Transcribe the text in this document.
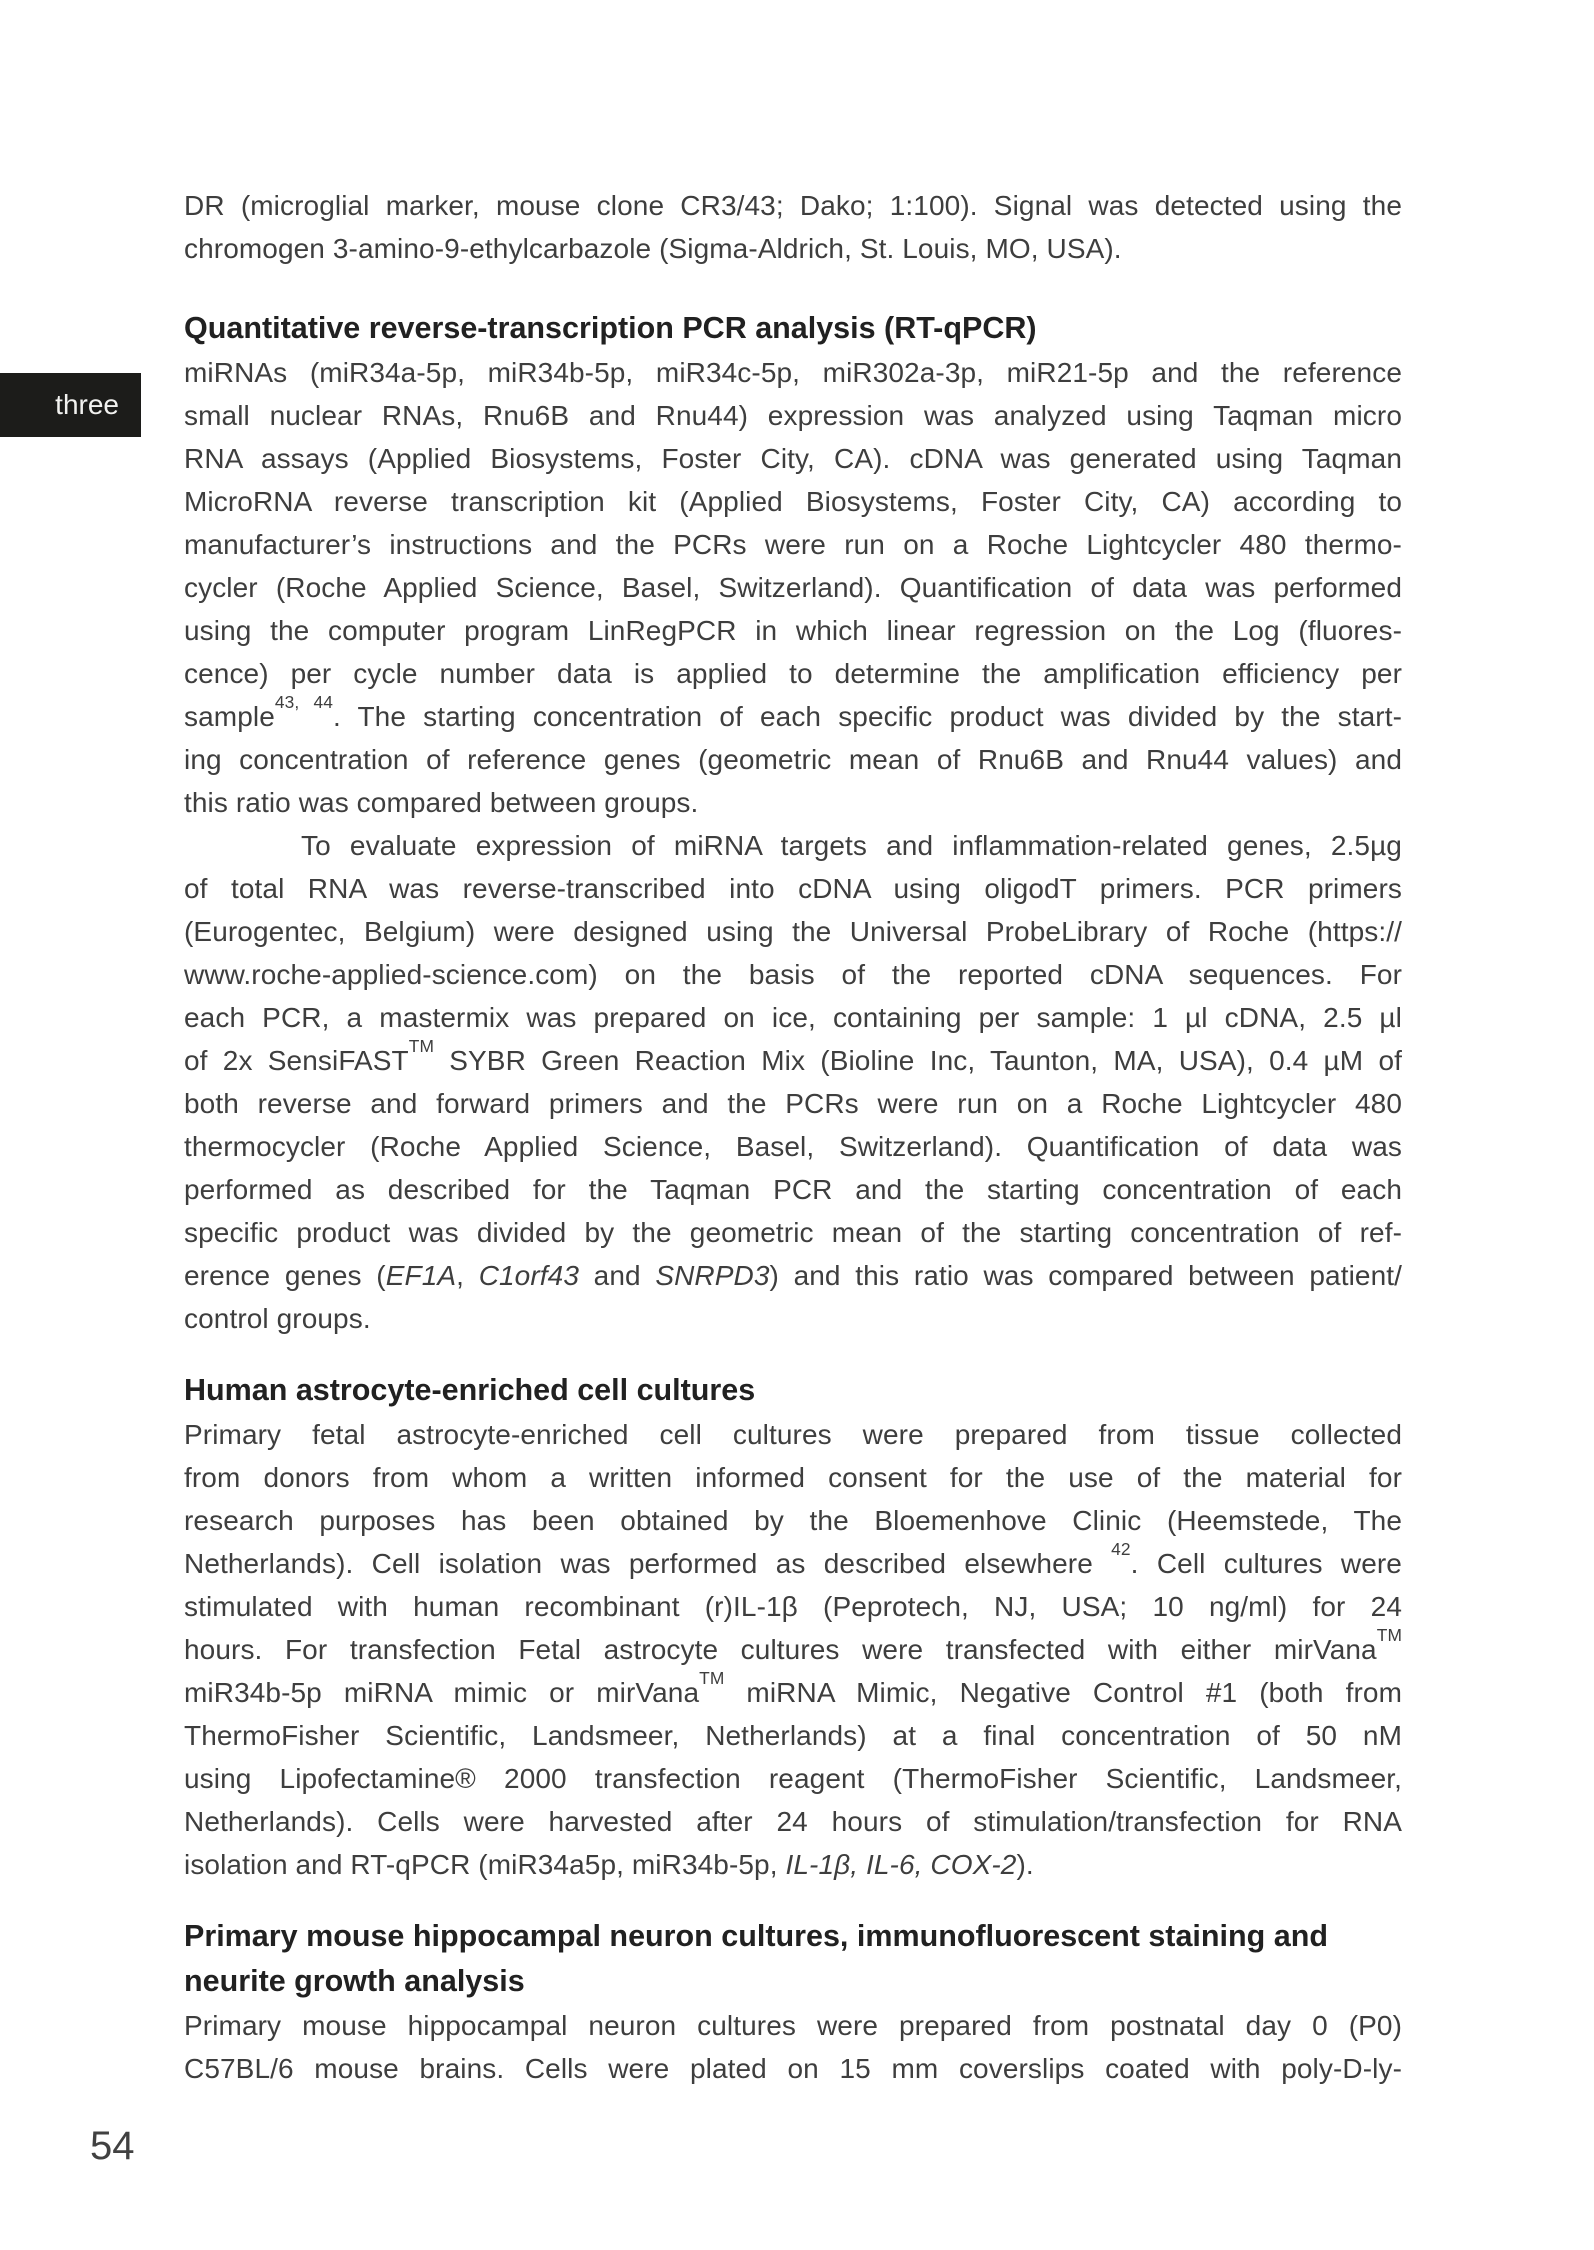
three
DR (microglial marker, mouse clone CR3/43; Dako; 1:100). Signal was detected using the
chromogen 3-amino-9-ethylcarbazole (Sigma-Aldrich, St. Louis, MO, USA).
Quantitative reverse-transcription PCR analysis (RT-qPCR)
miRNAs (miR34a-5p, miR34b-5p, miR34c-5p, miR302a-3p, miR21-5p and the reference
small nuclear RNAs, Rnu6B and Rnu44) expression was analyzed using Taqman micro
RNA assays (Applied Biosystems, Foster City, CA). cDNA was generated using Taqman
MicroRNA reverse transcription kit (Applied Biosystems, Foster City, CA) according to
manufacturer’s instructions and the PCRs were run on a Roche Lightcycler 480 thermo-
cycler (Roche Applied Science, Basel, Switzerland). Quantification of data was performed
using the computer program LinRegPCR in which linear regression on the Log (fluores-
cence) per cycle number data is applied to determine the amplification efficiency per
sample$^{43, 44}$. The starting concentration of each specific product was divided by the start-
ing concentration of reference genes (geometric mean of Rnu6B and Rnu44 values) and
this ratio was compared between groups.
To evaluate expression of miRNA targets and inflammation-related genes, 2.5µg
of total RNA was reverse-transcribed into cDNA using oligodT primers. PCR primers
(Eurogentec, Belgium) were designed using the Universal ProbeLibrary of Roche (https://
www.roche-applied-science.com) on the basis of the reported cDNA sequences. For
each PCR, a mastermix was prepared on ice, containing per sample: 1 µl cDNA, 2.5 µl
of 2x SensiFAST™ SYBR Green Reaction Mix (Bioline Inc, Taunton, MA, USA), 0.4 µM of
both reverse and forward primers and the PCRs were run on a Roche Lightcycler 480
thermocycler (Roche Applied Science, Basel, Switzerland). Quantification of data was
performed as described for the Taqman PCR and the starting concentration of each
specific product was divided by the geometric mean of the starting concentration of ref-
erence genes (EF1A, C1orf43 and SNRPD3) and this ratio was compared between patient/
control groups.
Human astrocyte-enriched cell cultures
Primary fetal astrocyte-enriched cell cultures were prepared from tissue collected
from donors from whom a written informed consent for the use of the material for
research purposes has been obtained by the Bloemenhove Clinic (Heemstede, The
Netherlands). Cell isolation was performed as described elsewhere $^{42}$. Cell cultures were
stimulated with human recombinant (r)IL-1β (Peprotech, NJ, USA; 10 ng/ml) for 24
hours. For transfection Fetal astrocyte cultures were transfected with either mirVana™
miR34b-5p miRNA mimic or mirVana™ miRNA Mimic, Negative Control #1 (both from
ThermoFisher Scientific, Landsmeer, Netherlands) at a final concentration of 50 nM
using Lipofectamine® 2000 transfection reagent (ThermoFisher Scientific, Landsmeer,
Netherlands). Cells were harvested after 24 hours of stimulation/transfection for RNA
isolation and RT-qPCR (miR34a5p, miR34b-5p, IL-1β, IL-6, COX-2).
Primary mouse hippocampal neuron cultures, immunofluorescent staining and
neurite growth analysis
Primary mouse hippocampal neuron cultures were prepared from postnatal day 0 (P0)
C57BL/6 mouse brains. Cells were plated on 15 mm coverslips coated with poly-D-ly-
54
